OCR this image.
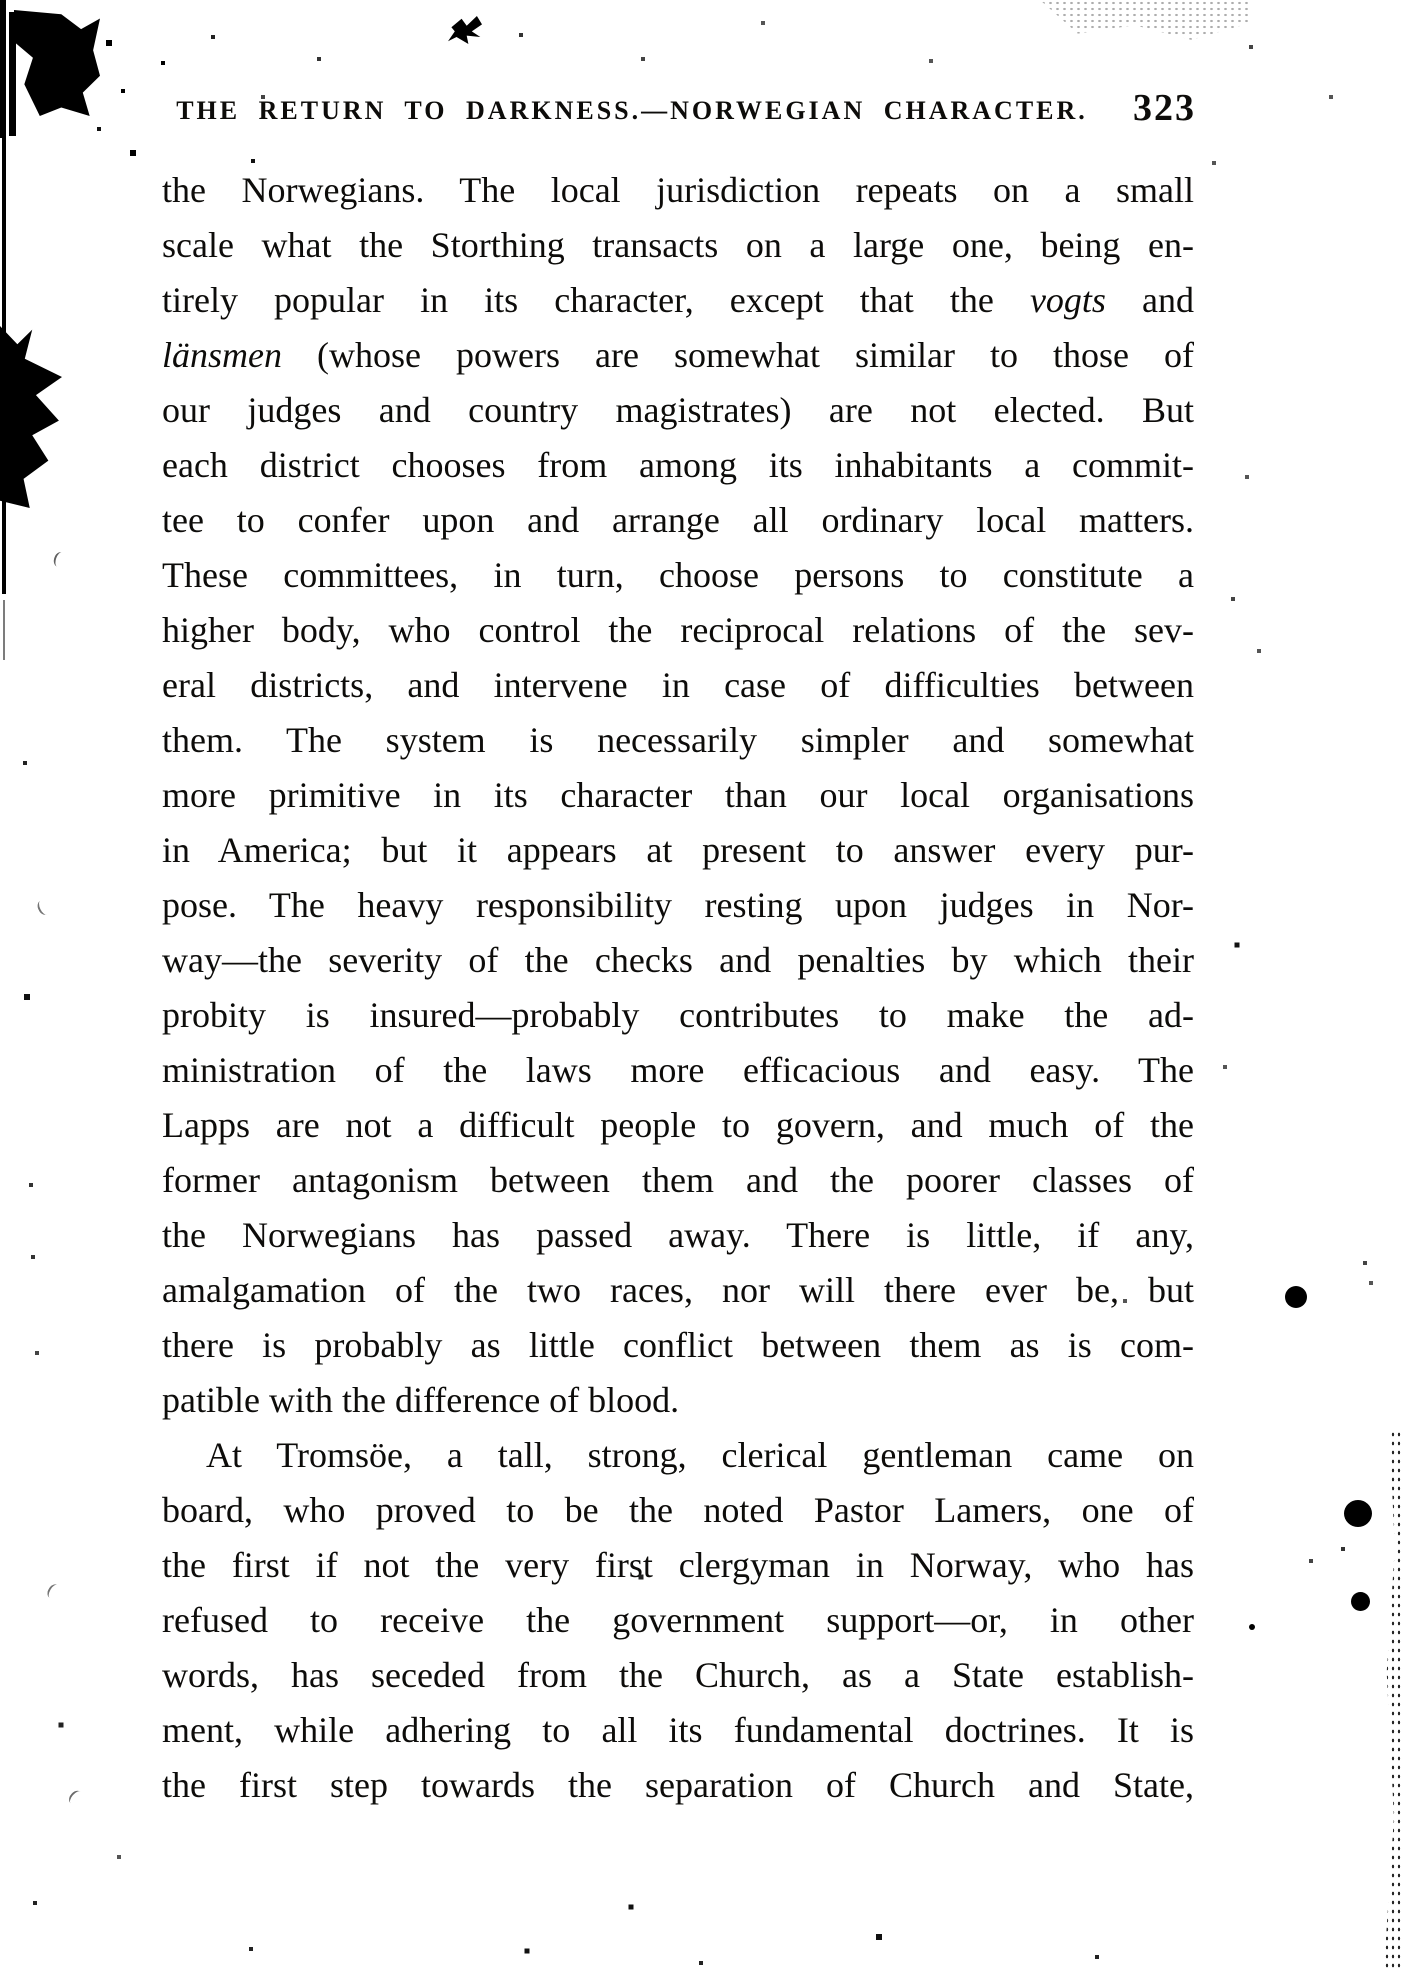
THE RETURN TO DARKNESS.—NORWEGIAN CHARACTER.	323
the Norwegians. The local jurisdiction repeats on a small
scale what the Storthing transacts on a large one, being en-
tirely popular in its character, except that the vogts and
länsmen (whose powers are somewhat similar to those of
our judges and country magistrates) are not elected. But
each district chooses from among its inhabitants a commit-
tee to confer upon and arrange all ordinary local matters.
These committees, in turn, choose persons to constitute a
higher body, who control the reciprocal relations of the sev-
eral districts, and intervene in case of difficulties between
them. The system is necessarily simpler and somewhat
more primitive in its character than our local organisations
in America; but it appears at present to answer every pur-
pose. The heavy responsibility resting upon judges in Nor-
way—the severity of the checks and penalties by which their
probity is insured—probably contributes to make the ad-
ministration of the laws more efficacious and easy. The
Lapps are not a difficult people to govern, and much of the
former antagonism between them and the poorer classes of
the Norwegians has passed away. There is little, if any,
amalgamation of the two races, nor will there ever be, but
there is probably as little conflict between them as is com-
patible with the difference of blood.
At Tromsöe, a tall, strong, clerical gentleman came on
board, who proved to be the noted Pastor Lamers, one of
the first if not the very first clergyman in Norway, who has
refused to receive the government support—or, in other
words, has seceded from the Church, as a State establish-
ment, while adhering to all its fundamental doctrines. It is
the first step towards the separation of Church and State,
